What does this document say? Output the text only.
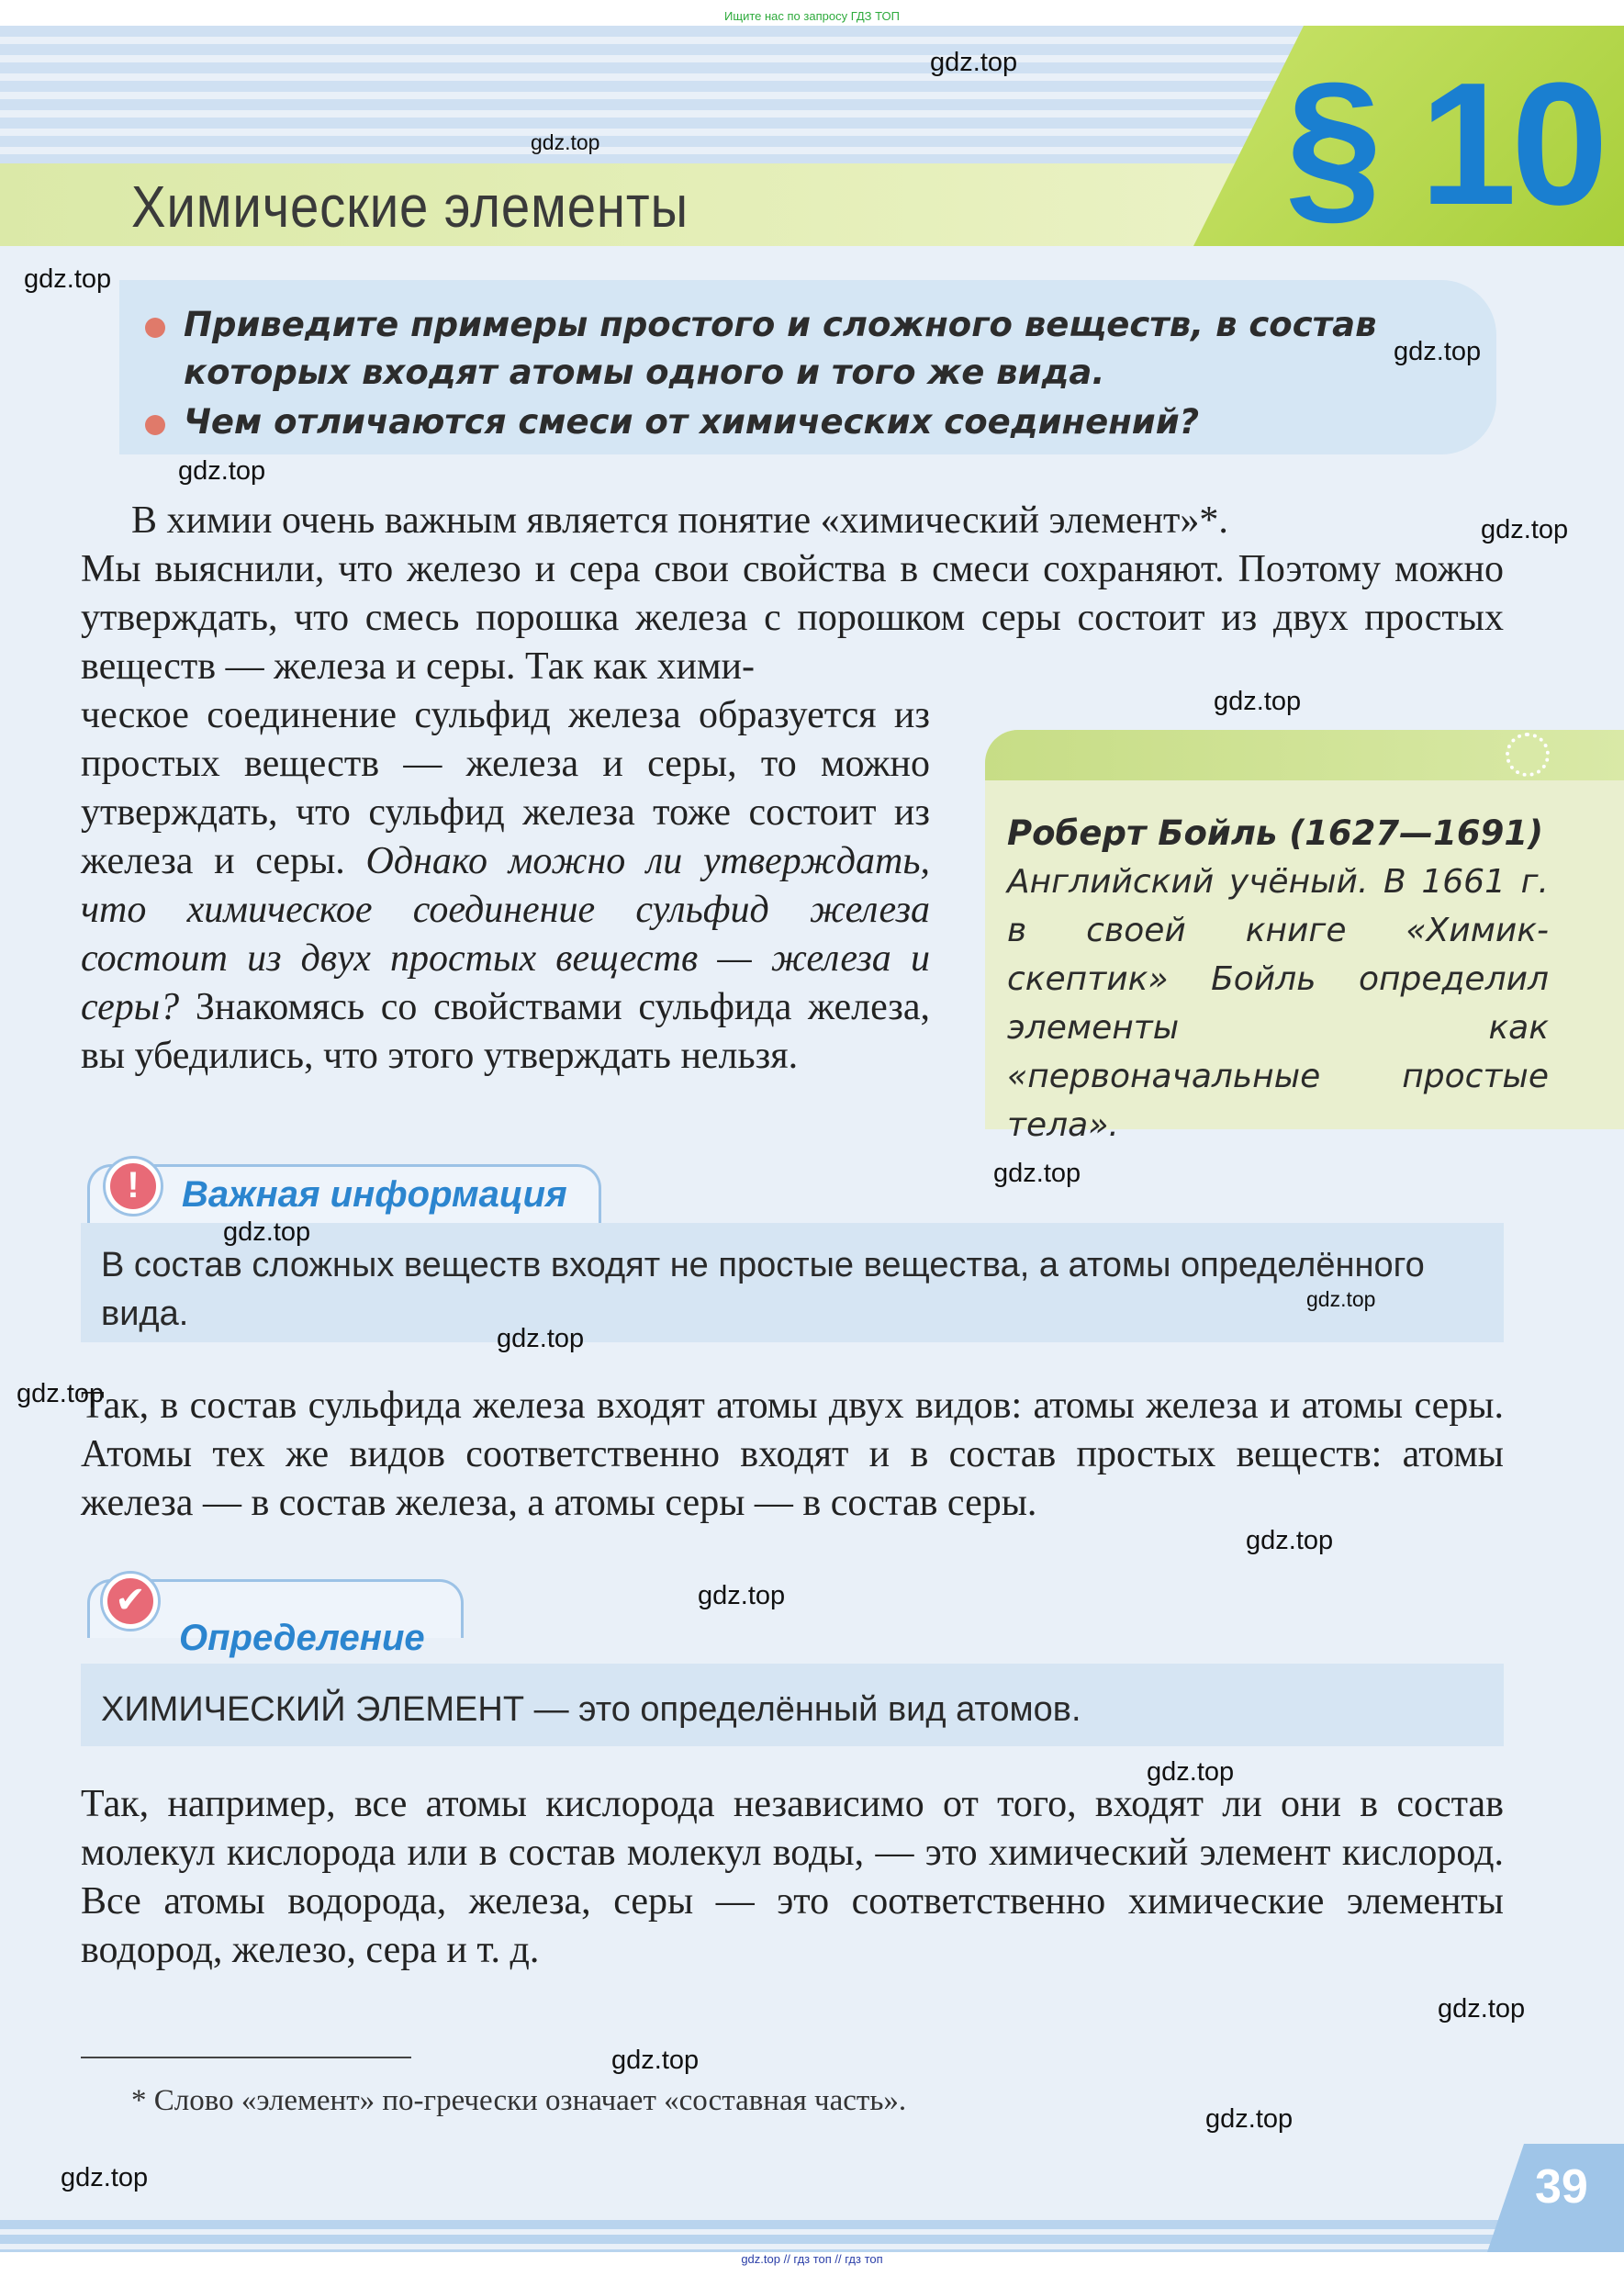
Ищите нас по запросу ГДЗ ТОП
§ 10
Химические элементы
Приведите примеры простого и сложного веществ, в состав
которых входят атомы одного и того же вида.
Чем отличаются смеси от химических соединений?
В химии очень важным является понятие «химический элемент»*.

Мы выяснили, что железо и сера свои свойства в смеси сохраняют. Поэтому можно утверждать, что смесь порошка железа с порошком серы состоит из двух простых веществ — железа и серы. Так как хими-

ческое соединение сульфид железа образуется из простых веществ — железа и серы, то можно утверждать, что сульфид железа тоже состоит из железа и серы. Однако можно ли утверждать, что химическое соединение сульфид железа состоит из двух простых веществ — железа и серы? Знакомясь со свойствами сульфида железа, вы убедились, что этого утверждать нельзя.

Роберт Бойль (1627—1691)

Английский учёный. В 1661 г. в своей книге «Химик-скептик» Бойль определил элементы как «первоначальные простые тела».

!	Важная информация

В состав сложных веществ входят не простые вещества, а атомы определённого вида.

Так, в состав сульфида железа входят атомы двух видов: атомы железа и атомы серы. Атомы тех же видов соответственно входят и в состав простых веществ: атомы железа — в состав железа, а атомы серы — в состав серы.

✔
Определение

ХИМИЧЕСКИЙ ЭЛЕМЕНТ — это определённый вид атомов.

Так, например, все атомы кислорода независимо от того, входят ли они в состав молекул кислорода или в состав молекул воды, — это химический элемент кислород. Все атомы водорода, железа, серы — это соответственно химические элементы водород, железо, сера и т. д.

* Слово «элемент» по-гречески означает «составная часть».
39
gdz.top // гдз топ // гдз топ
gdz.top
gdz.top
gdz.top
gdz.top
gdz.top
gdz.top
gdz.top
gdz.top
gdz.top
gdz.top
gdz.top
gdz.top
gdz.top
gdz.top
gdz.top
gdz.top
gdz.top
gdz.top
gdz.top
